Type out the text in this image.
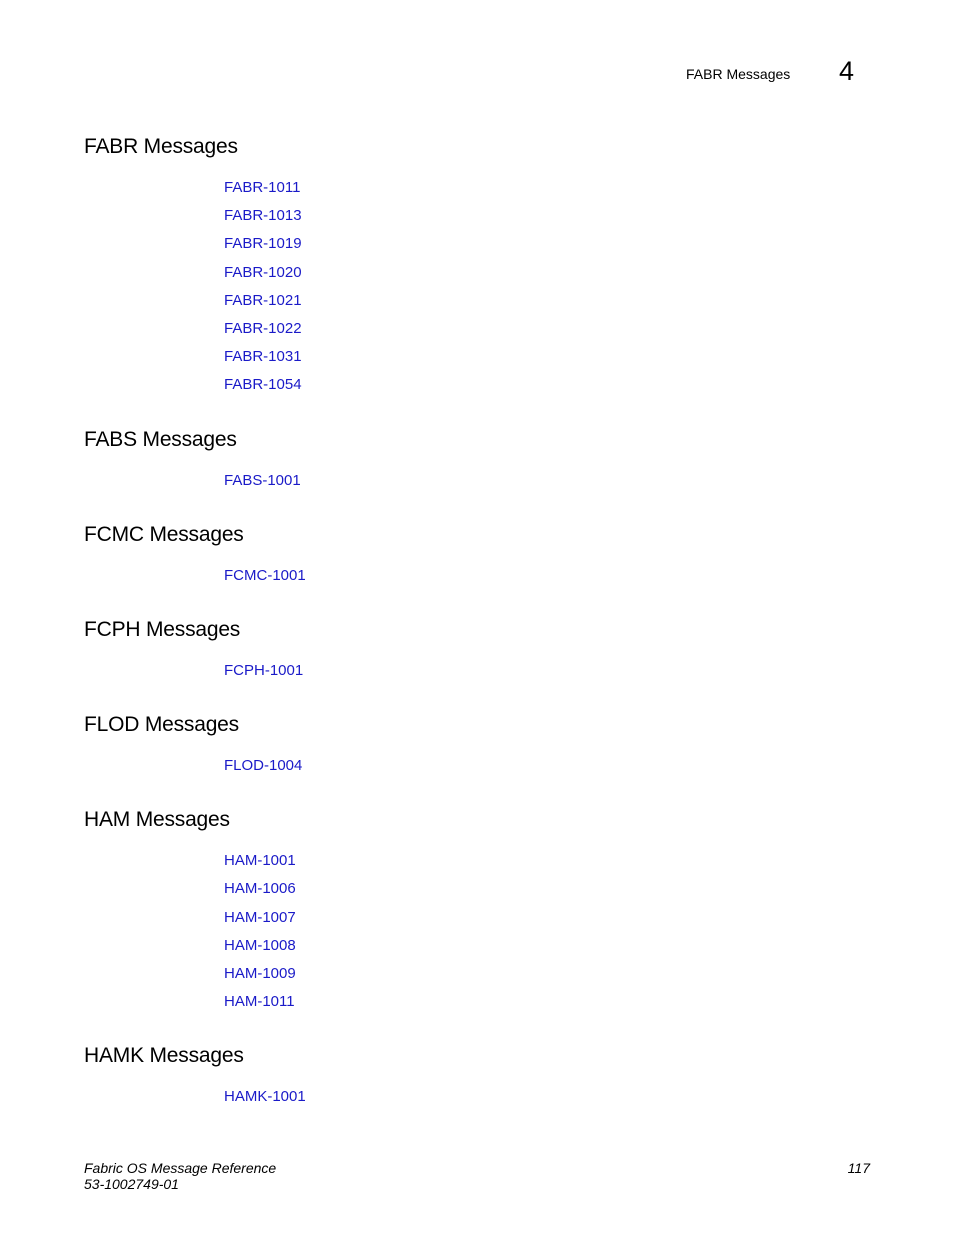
FABR Messages 4
FABR Messages
FABR-1011
FABR-1013
FABR-1019
FABR-1020
FABR-1021
FABR-1022
FABR-1031
FABR-1054
FABS Messages
FABS-1001
FCMC Messages
FCMC-1001
FCPH Messages
FCPH-1001
FLOD Messages
FLOD-1004
HAM Messages
HAM-1001
HAM-1006
HAM-1007
HAM-1008
HAM-1009
HAM-1011
HAMK Messages
HAMK-1001
Fabric OS Message Reference
53-1002749-01
117
